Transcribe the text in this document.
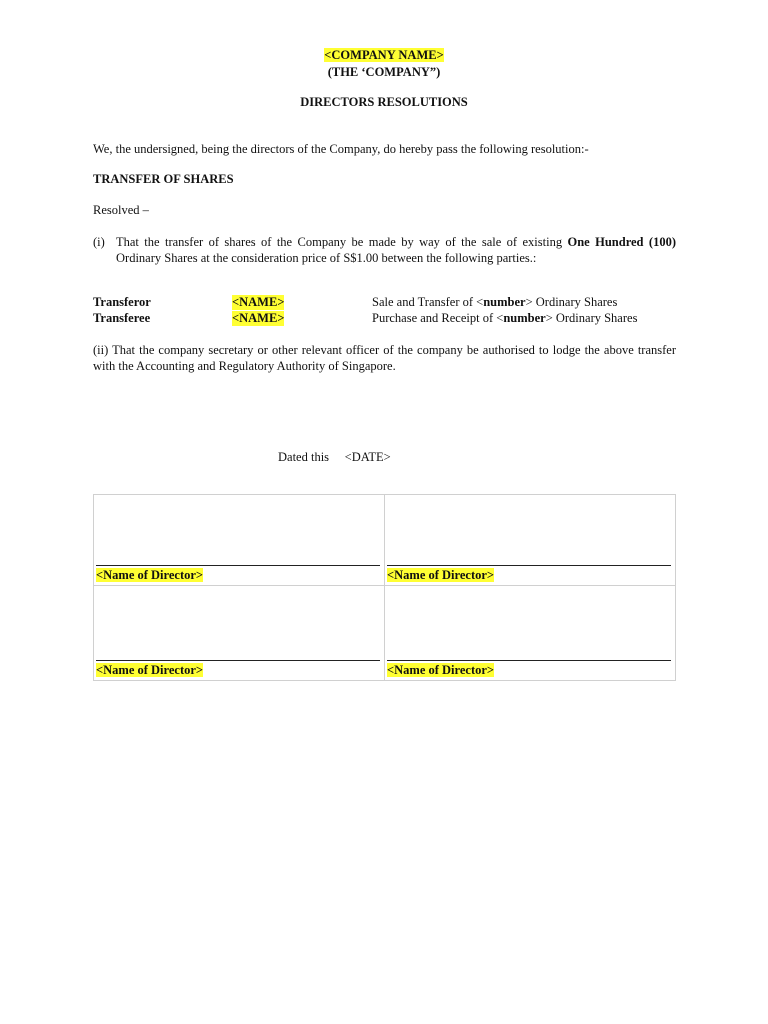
<COMPANY NAME>
(THE ‘COMPANY”)
DIRECTORS RESOLUTIONS
We, the undersigned, being the directors of the Company, do hereby pass the following resolution:-
TRANSFER OF SHARES
Resolved –
(i) That the transfer of shares of the Company be made by way of the sale of existing One Hundred (100) Ordinary Shares at the consideration price of S$1.00 between the following parties.:
Transferor	<NAME>	Sale and Transfer of <number> Ordinary Shares
Transferee	<NAME>	Purchase and Receipt of <number> Ordinary Shares
(ii) That the company secretary or other relevant officer of the company be authorised to lodge the above transfer with the Accounting and Regulatory Authority of Singapore.
Dated this <DATE>
<Name of Director>	<Name of Director>

<Name of Director>	<Name of Director>
